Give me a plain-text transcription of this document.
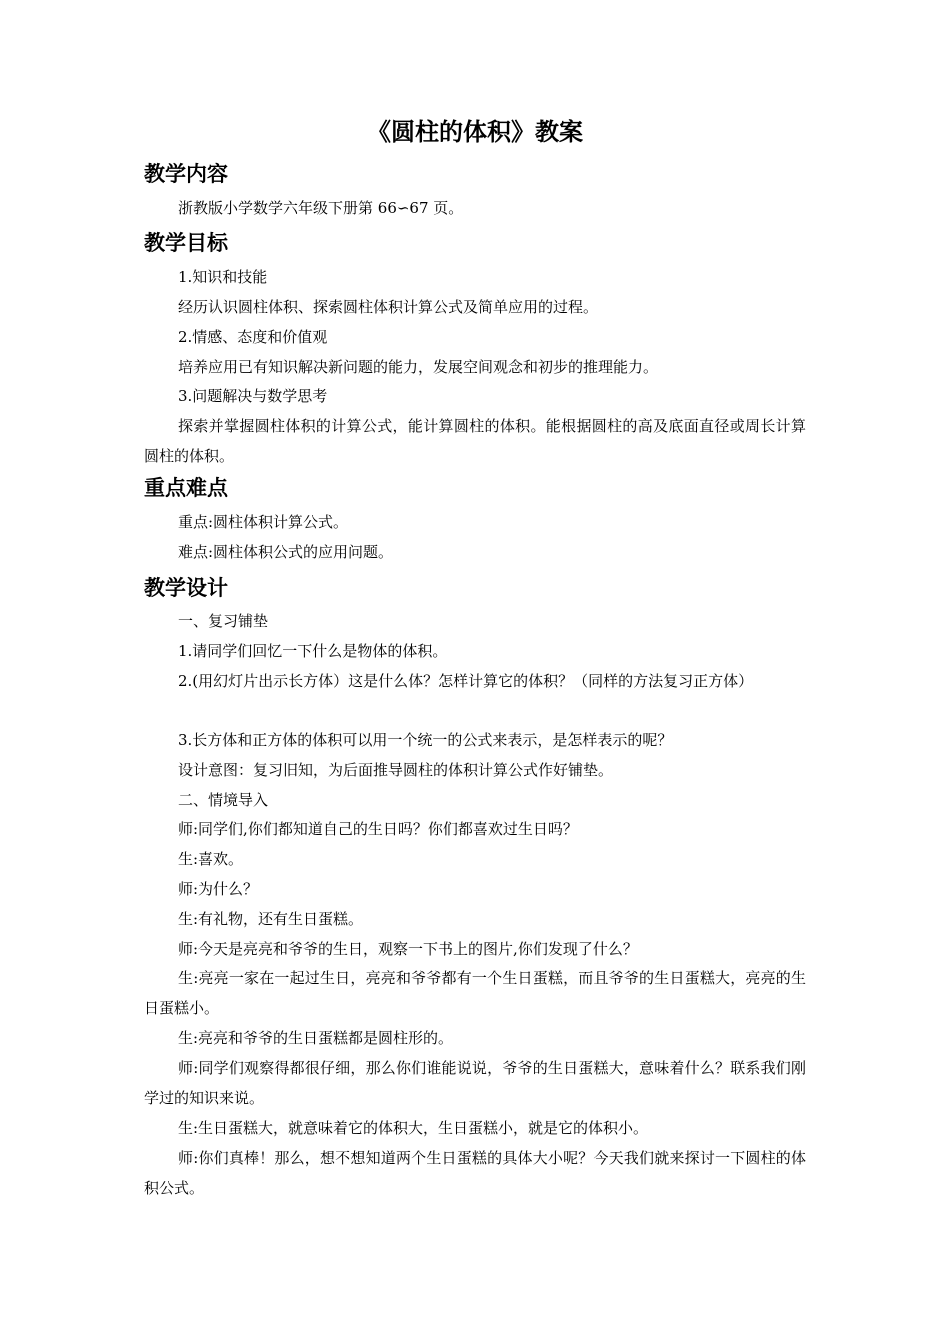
《圆柱的体积》教案
教学内容
浙教版小学数学六年级下册第 66∽67 页。
教学目标
1.知识和技能
经历认识圆柱体积、探索圆柱体积计算公式及简单应用的过程。
2.情感、态度和价值观
培养应用已有知识解决新问题的能力，发展空间观念和初步的推理能力。
3.问题解决与数学思考
探索并掌握圆柱体积的计算公式，能计算圆柱的体积。能根据圆柱的高及底面直径或周长计算圆柱的体积。
重点难点
重点:圆柱体积计算公式。
难点:圆柱体积公式的应用问题。
教学设计
一、复习铺垫
1.请同学们回忆一下什么是物体的体积。
2.(用幻灯片出示长方体）这是什么体？怎样计算它的体积？（同样的方法复习正方体）
3.长方体和正方体的体积可以用一个统一的公式来表示，是怎样表示的呢？
设计意图：复习旧知，为后面推导圆柱的体积计算公式作好铺垫。
二、情境导入
师:同学们,你们都知道自己的生日吗？你们都喜欢过生日吗？
生:喜欢。
师:为什么？
生:有礼物，还有生日蛋糕。
师:今天是亮亮和爷爷的生日，观察一下书上的图片,你们发现了什么？
生:亮亮一家在一起过生日，亮亮和爷爷都有一个生日蛋糕，而且爷爷的生日蛋糕大，亮亮的生日蛋糕小。
生:亮亮和爷爷的生日蛋糕都是圆柱形的。
师:同学们观察得都很仔细，那么你们谁能说说，爷爷的生日蛋糕大，意味着什么？联系我们刚学过的知识来说。
生:生日蛋糕大，就意味着它的体积大，生日蛋糕小，就是它的体积小。
师:你们真棒！那么，想不想知道两个生日蛋糕的具体大小呢？今天我们就来探讨一下圆柱的体积公式。
